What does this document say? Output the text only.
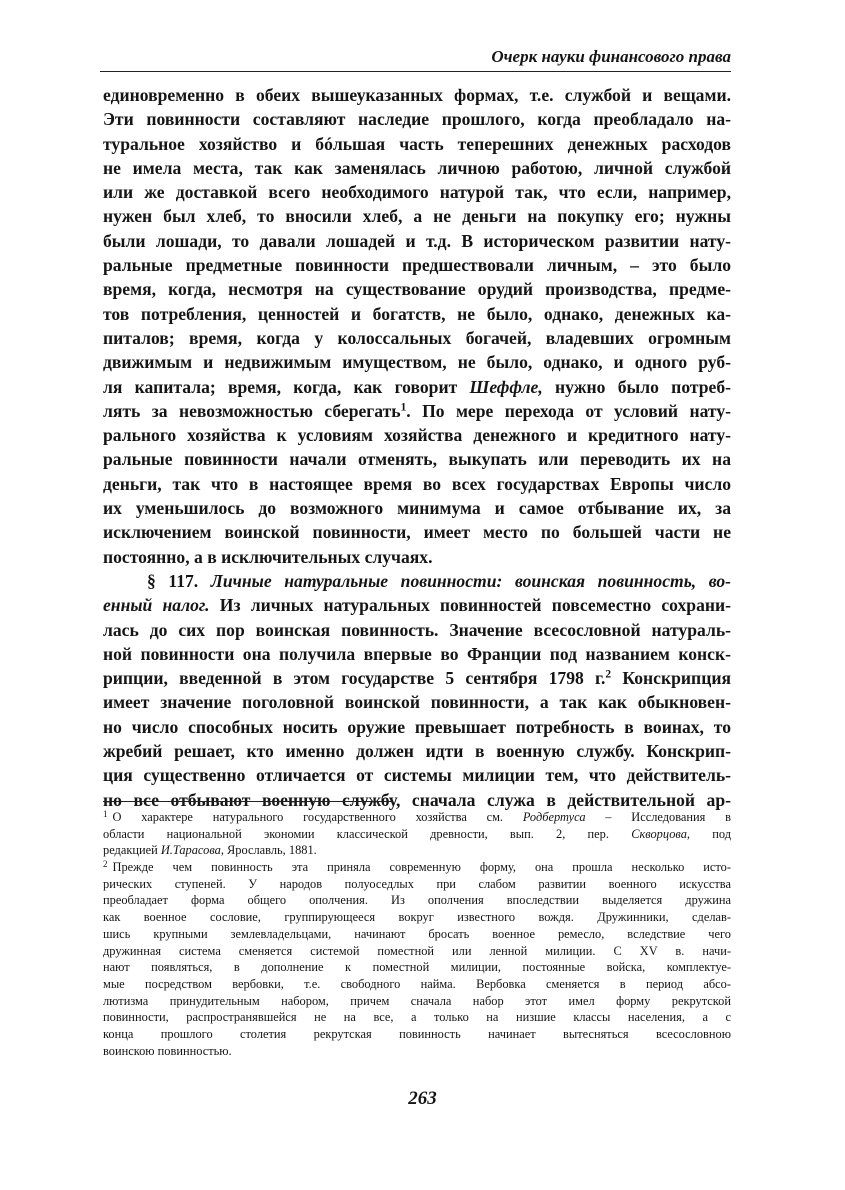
Очерк науки финансового права
единовременно в обеих вышеуказанных формах, т.е. службой и вещами.
Эти повинности составляют наследие прошлого, когда преобладало на-
туральное хозяйство и бóльшая часть теперешних денежных расходов
не имела места, так как заменялась личною работою, личной службой
или же доставкой всего необходимого натурой так, что если, например,
нужен был хлеб, то вносили хлеб, а не деньги на покупку его; нужны
были лошади, то давали лошадей и т.д. В историческом развитии нату-
ральные предметные повинности предшествовали личным, – это было
время, когда, несмотря на существование орудий производства, предме-
тов потребления, ценностей и богатств, не было, однако, денежных ка-
питалов; время, когда у колоссальных богачей, владевших огромным
движимым и недвижимым имуществом, не было, однако, и одного руб-
ля капитала; время, когда, как говорит Шеффле, нужно было потреб-
лять за невозможностью сберегать$^1$. По мере перехода от условий нату-
рального хозяйства к условиям хозяйства денежного и кредитного нату-
ральные повинности начали отменять, выкупать или переводить их на
деньги, так что в настоящее время во всех государствах Европы число
их уменьшилось до возможного минимума и самое отбывание их, за
исключением воинской повинности, имеет место по большей части не
постоянно, а в исключительных случаях.
§ 117. Личные натуральные повинности: воинская повинность, во-
енный налог. Из личных натуральных повинностей повсеместно сохрани-
лась до сих пор воинская повинность. Значение всесословной натураль-
ной повинности она получила впервые во Франции под названием конск-
рипции, введенной в этом государстве 5 сентября 1798 г.$^2$ Конскрипция
имеет значение поголовной воинской повинности, а так как обыкновен-
но число способных носить оружие превышает потребность в воинах, то
жребий решает, кто именно должен идти в военную службу. Конскрип-
ция существенно отличается от системы милиции тем, что действитель-
но все отбывают военную службу, сначала служа в действительной ар-
$^1$ О характере натурального государственного хозяйства см. Родбертуса – Исследования в
области национальной экономии классической древности, вып. 2, пер. Скворцова, под
редакцией И.Тарасова, Ярославль, 1881.
$^2$ Прежде чем повинность эта приняла современную форму, она прошла несколько исто-
рических ступеней. У народов полуоседлых при слабом развитии военного искусства
преобладает форма общего ополчения. Из ополчения впоследствии выделяется дружина
как военное сословие, группирующееся вокруг известного вождя. Дружинники, сделав-
шись крупными землевладельцами, начинают бросать военное ремесло, вследствие чего
дружинная система сменяется системой поместной или ленной милиции. С XV в. начи-
нают появляться, в дополнение к поместной милиции, постоянные войска, комплектуе-
мые посредством вербовки, т.е. свободного найма. Вербовка сменяется в период абсо-
лютизма принудительным набором, причем сначала набор этот имел форму рекрутской
повинности, распространявшейся не на все, а только на низшие классы населения, а с
конца прошлого столетия рекрутская повинность начинает вытесняться всесословною
воинскою повинностью.
263
